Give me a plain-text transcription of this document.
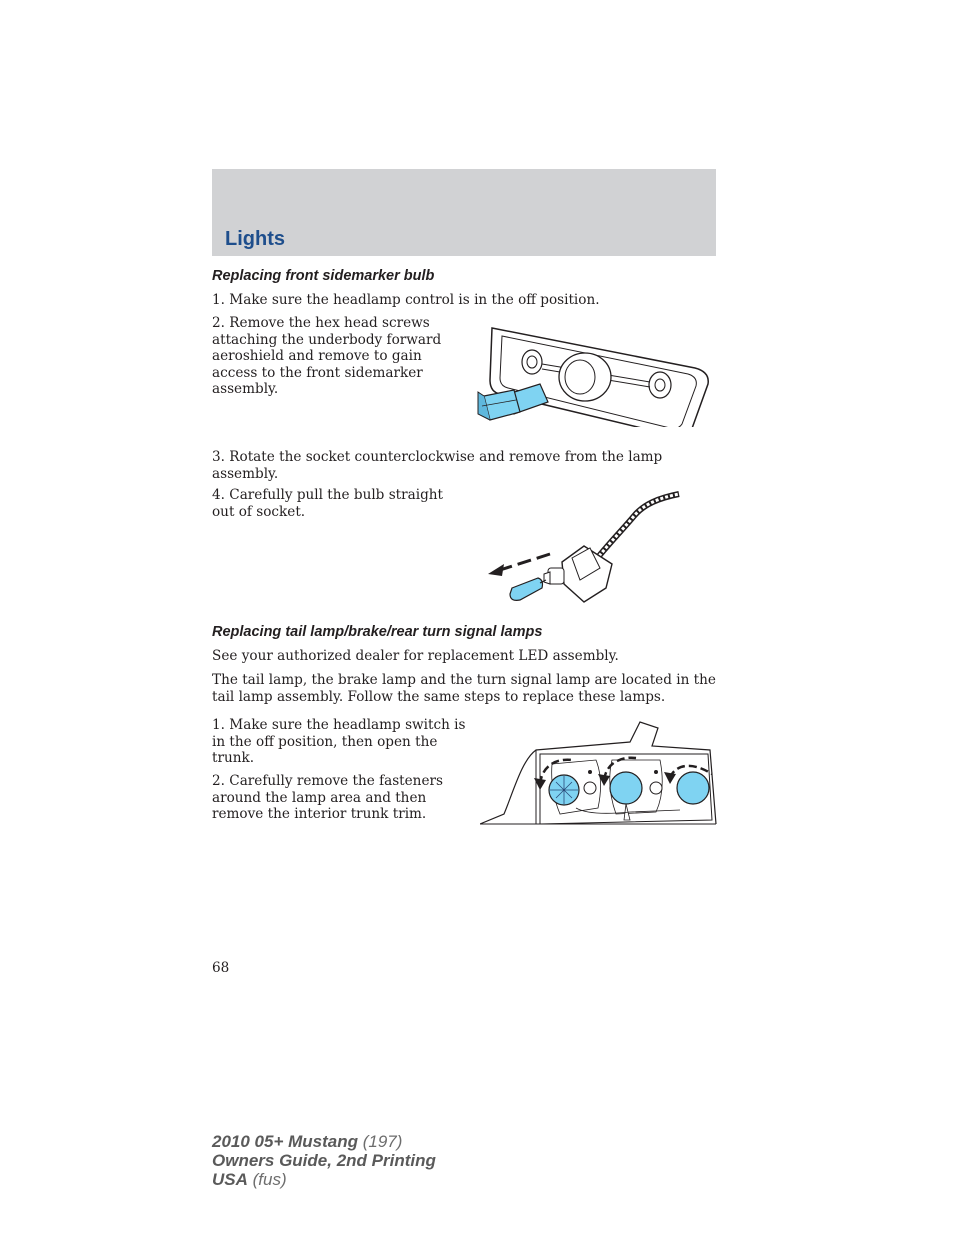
Lights
Replacing front sidemarker bulb
1. Make sure the headlamp control is in the off position.
2. Remove the hex head screws
attaching the underbody forward
aeroshield and remove to gain
access to the front sidemarker
assembly.
3. Rotate the socket counterclockwise and remove from the lamp
assembly.
4. Carefully pull the bulb straight
out of socket.
Replacing tail lamp/brake/rear turn signal lamps
See your authorized dealer for replacement LED assembly.
The tail lamp, the brake lamp and the turn signal lamp are located in the
tail lamp assembly. Follow the same steps to replace these lamps.
1. Make sure the headlamp switch is
in the off position, then open the
trunk.
2. Carefully remove the fasteners
around the lamp area and then
remove the interior trunk trim.
68
2010 05+ Mustang (197)
Owners Guide, 2nd Printing
USA (fus)
